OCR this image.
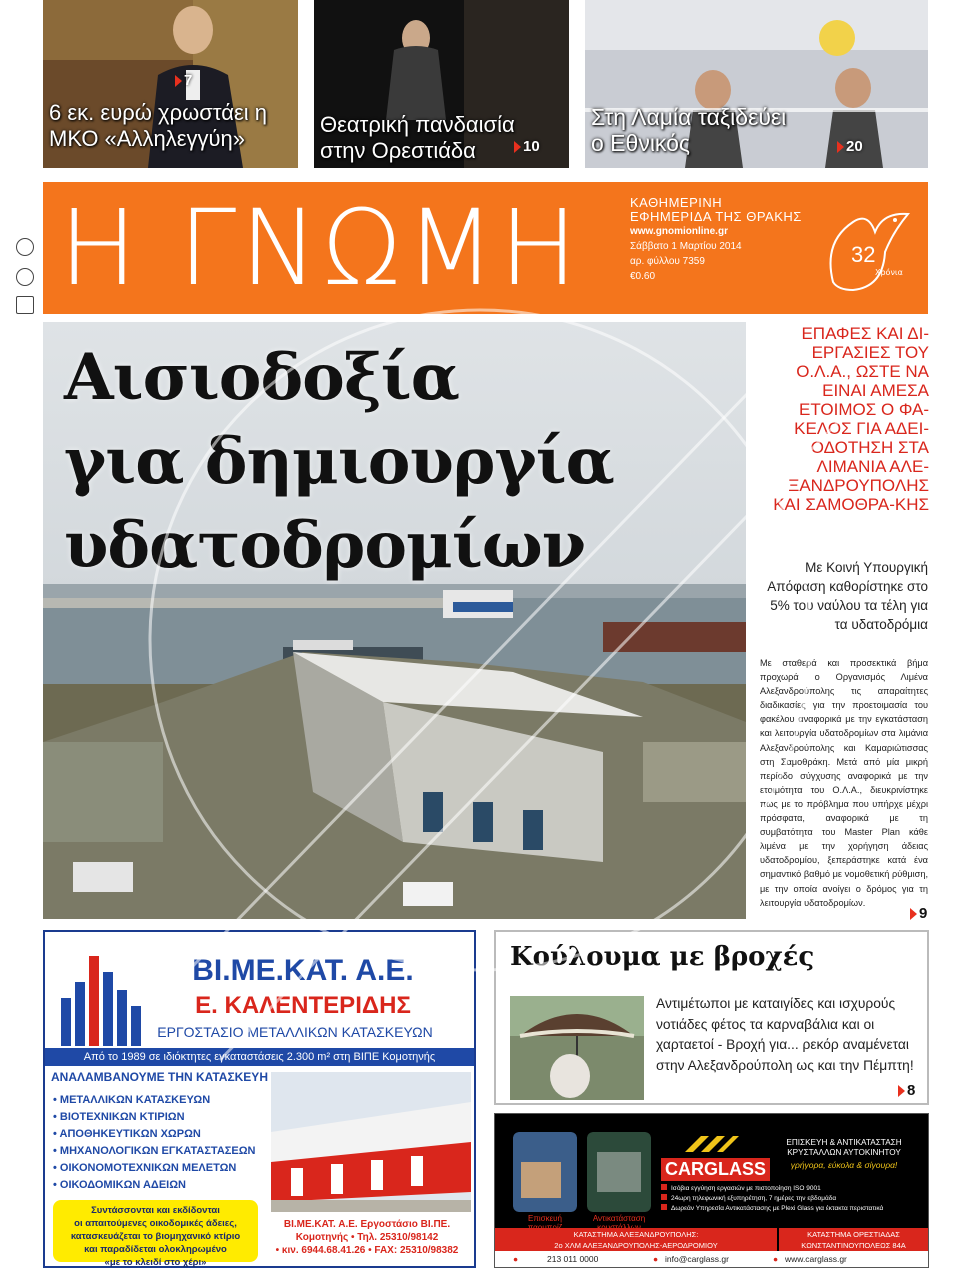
7
6 εκ. ευρώ χρωστάει η
ΜΚΟ «Αλληλεγγύη»
Θεατρική πανδαισία
στην Ορεστιάδα	10
Στη Λαμία ταξιδεύει
ο Εθνικός	20
Η ΓΝΩΜΗ	ΚΑΘΗΜΕΡΙΝΗ
ΕΦΗΜΕΡΙΔΑ ΤΗΣ ΘΡΑΚΗΣ
www.gnomionline.gr
Σάββατο 1 Μαρτίου 2014
αρ. φύλλου 7359
€0.60
32
Χρόνια
Αισιοδοξία
για δημιουργία
υδατοδρομίων
ΕΠΑΦΕΣ ΚΑΙ ΔΙ-ΕΡΓΑΣΙΕΣ ΤΟΥ Ο.Λ.Α., ΩΣΤΕ ΝΑ ΕΙΝΑΙ ΑΜΕΣΑ ΕΤΟΙΜΟΣ Ο ΦΑ-ΚΕΛΟΣ ΓΙΑ ΑΔΕΙ-ΟΔΟΤΗΣΗ ΣΤΑ ΛΙΜΑΝΙΑ ΑΛΕ-ΞΑΝΔΡΟΥΠΟΛΗΣ ΚΑΙ ΣΑΜΟΘΡΑ-ΚΗΣ
Με Κοινή Υπουργική Απόφαση καθορίστηκε στο 5% του ναύλου τα τέλη για τα υδατοδρόμια
Με σταθερά και προσεκτικά βήμα προχωρά ο Οργανισμός Λιμένα Αλεξανδρούπολης τις απαραίτητες διαδικασίες για την προετοιμασία του φακέλου αναφορικά με την εγκατάσταση και λειτουργία υδατοδρομίων στα λιμάνια Αλεξανδρούπολης και Καμαριώτισσας στη Σαμοθράκη. Μετά από μία μικρή περίοδο σύγχυσης αναφορικά με την ετοιμότητα του Ο.Λ.Α., διευκρινίστηκε πως με το πρόβλημα που υπήρχε μέχρι πρόσφατα, αναφορικά με τη συμβατότητα του Master Plan κάθε λιμένα με την χορήγηση άδειας υδατοδρομίου, ξεπεράστηκε κατά ένα σημαντικό βαθμό με νομοθετική ρύθμιση, με την οποία ανοίγει ο δρόμος για τη λειτουργία υδατοδρομίων.
9
ΒΙ.ΜΕ.ΚΑΤ. Α.Ε.
Ε. ΚΑΛΕΝΤΕΡΙΔΗΣ
ΕΡΓΟΣΤΑΣΙΟ ΜΕΤΑΛΛΙΚΩΝ ΚΑΤΑΣΚΕΥΩΝ
Από το 1989 σε ιδιόκτητες εγκαταστάσεις 2.300 m² στη ΒΙΠΕ Κομοτηνής
ΑΝΑΛΑΜΒΑΝΟΥΜΕ ΤΗΝ ΚΑΤΑΣΚΕΥΗ
• ΜΕΤΑΛΛΙΚΩΝ ΚΑΤΑΣΚΕΥΩΝ
• ΒΙΟΤΕΧΝΙΚΩΝ ΚΤΙΡΙΩΝ
• ΑΠΟΘΗΚΕΥΤΙΚΩΝ ΧΩΡΩΝ
• ΜΗΧΑΝΟΛΟΓΙΚΩΝ ΕΓΚΑΤΑΣΤΑΣΕΩΝ
• ΟΙΚΟΝΟΜΟΤΕΧΝΙΚΩΝ ΜΕΛΕΤΩΝ
• ΟΙΚΟΔΟΜΙΚΩΝ ΑΔΕΙΩΝ
Συντάσσονται και εκδίδονται
οι απαιτούμενες οικοδομικές άδειες,
κατασκευάζεται το βιομηχανικό κτίριο
και παραδίδεται ολοκληρωμένο
«με το κλειδί στο χέρι»
ΒΙ.ΜΕ.ΚΑΤ. Α.Ε. Εργοστάσιο ΒΙ.ΠΕ.
Κομοτηνής • Τηλ. 25310/98142
• κιν. 6944.68.41.26 • FAX: 25310/98382
Κούλουμα με βροχές
Αντιμέτωποι με καταιγίδες και ισχυρούς νοτιάδες φέτος τα καρναβάλια και οι χαρταετοί - Βροχή για... ρεκόρ αναμένεται στην Αλεξανδρούπολη ως και την Πέμπτη!
8
Επισκευή	Αντικατάσταση
CARGLASS
ΕΠΙΣΚΕΥΗ & ΑΝΤΙΚΑΤΑΣΤΑΣΗ
ΚΡΥΣΤΑΛΛΩΝ ΑΥΤΟΚΙΝΗΤΟΥ
γρήγορα, εύκολα & σίγουρα!
Ισόβια εγγύηση εργασιών με πιστοποίηση ISO 9001
24ωρη τηλεφωνική εξυπηρέτηση, 7 ημέρες την εβδομάδα
Δωρεάν Υπηρεσία Αντικατάστασης με Plexi Glass για έκτακτα περιστατικά
ΚΑΤΑΣΤΗΜΑ ΑΛΕΞΑΝΔΡΟΥΠΟΛΗΣ:
2ο ΧΛΜ ΑΛΕΞΑΝΔΡΟΥΠΟΛΗΣ-ΑΕΡΟΔΡΟΜΙΟΥ
ΚΑΤΑΣΤΗΜΑ ΟΡΕΣΤΙΑΔΑΣ
ΚΩΝΣΤΑΝΤΙΝΟΥΠΟΛΕΩΣ 84Α
●	213 011 0000	● info@carglass.gr	● www.carglass.gr
